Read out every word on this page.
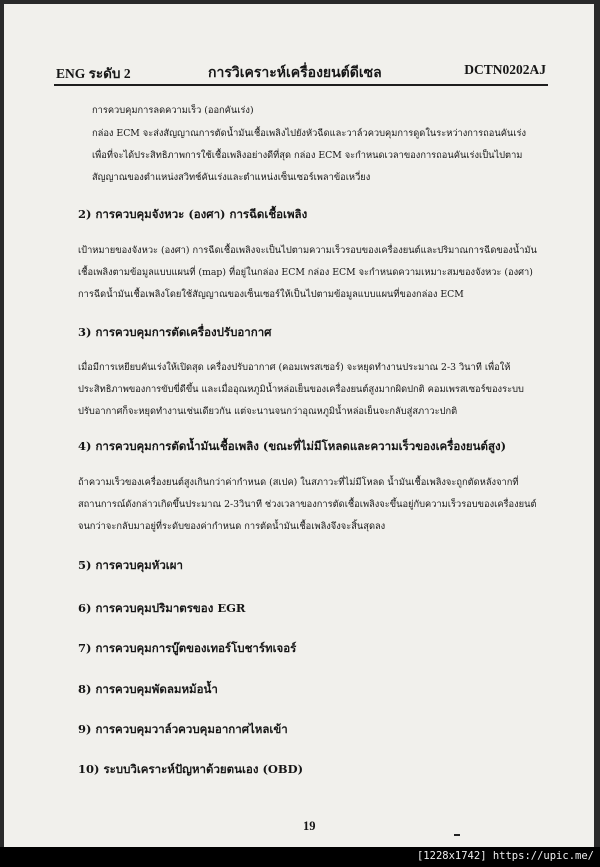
ENG ระดับ 2	การวิเคราะห์เครื่องยนต์ดีเซล	DCTN0202AJ
การควบคุมการลดความเร็ว (ออกคันเร่ง)
กล่อง ECM จะส่งสัญญาณการตัดน้ำมันเชื้อเพลิงไปยังหัวฉีดและวาล์วควบคุมการดูดในระหว่างการถอนคันเร่ง
เพื่อที่จะได้ประสิทธิภาพการใช้เชื้อเพลิงอย่างดีที่สุด กล่อง ECM จะกำหนดเวลาของการถอนคันเร่งเป็นไปตาม
สัญญาณของตำแหน่งสวิทช์คันเร่งและตำแหน่งเซ็นเซอร์เพลาข้อเหวี่ยง
2) การควบคุมจังหวะ (องศา) การฉีดเชื้อเพลิง
เป้าหมายของจังหวะ (องศา) การฉีดเชื้อเพลิงจะเป็นไปตามความเร็วรอบของเครื่องยนต์และปริมาณการฉีดของน้ำมัน
เชื้อเพลิงตามข้อมูลแบบแผนที่ (map) ที่อยู่ในกล่อง ECM กล่อง ECM จะกำหนดความเหมาะสมของจังหวะ (องศา)
การฉีดน้ำมันเชื้อเพลิงโดยใช้สัญญาณของเซ็นเซอร์ให้เป็นไปตามข้อมูลแบบแผนที่ของกล่อง ECM
3) การควบคุมการตัดเครื่องปรับอากาศ
เมื่อมีการเหยียบคันเร่งให้เปิดสุด เครื่องปรับอากาศ (คอมเพรสเซอร์) จะหยุดทำงานประมาณ 2-3 วินาที เพื่อให้
ประสิทธิภาพของการขับขี่ดีขึ้น และเมื่ออุณหภูมิน้ำหล่อเย็นของเครื่องยนต์สูงมากผิดปกติ คอมเพรสเซอร์ของระบบ
ปรับอากาศก็จะหยุดทำงานเช่นเดียวกัน แต่จะนานจนกว่าอุณหภูมิน้ำหล่อเย็นจะกลับสู่สภาวะปกติ
4) การควบคุมการตัดน้ำมันเชื้อเพลิง (ขณะที่ไม่มีโหลดและความเร็วของเครื่องยนต์สูง)
ถ้าความเร็วของเครื่องยนต์สูงเกินกว่าค่ากำหนด (สเปค) ในสภาวะที่ไม่มีโหลด น้ำมันเชื้อเพลิงจะถูกตัดหลังจากที่
สถานการณ์ดังกล่าวเกิดขึ้นประมาณ 2-3วินาที ช่วงเวลาของการตัดเชื้อเพลิงจะขึ้นอยู่กับความเร็วรอบของเครื่องยนต์
จนกว่าจะกลับมาอยู่ที่ระดับของค่ากำหนด การตัดน้ำมันเชื้อเพลิงจึงจะสิ้นสุดลง
5) การควบคุมหัวเผา
6) การควบคุมปริมาตรของ EGR
7) การควบคุมการบู๊ตของเทอร์โบชาร์ทเจอร์
8) การควบคุมพัดลมหม้อน้ำ
9) การควบคุมวาล์วควบคุมอากาศไหลเข้า
10) ระบบวิเคราะห์ปัญหาด้วยตนเอง (OBD)
19
[1228x1742] https://upic.me/
